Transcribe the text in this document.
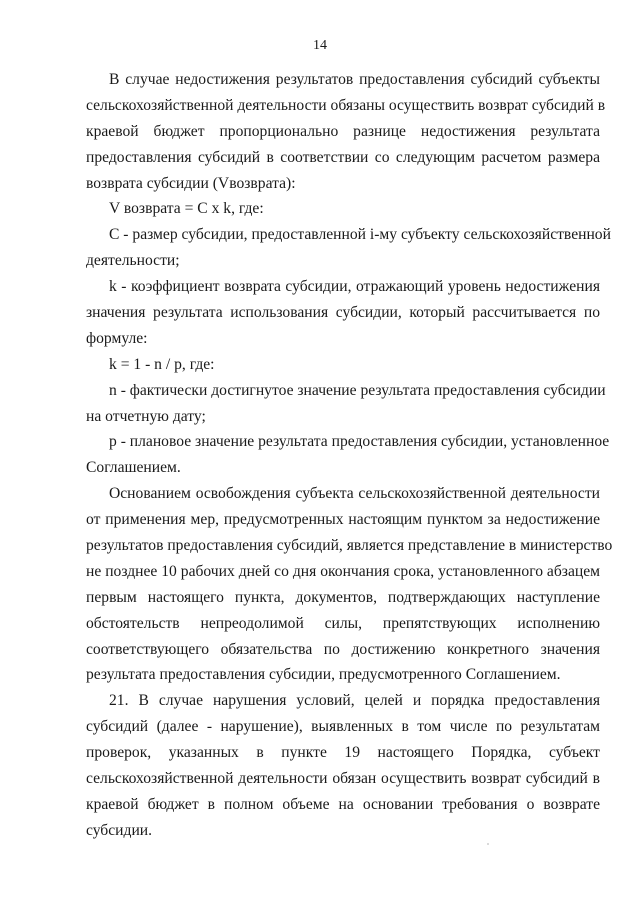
14
В случае недостижения результатов предоставления субсидий субъекты
сельскохозяйственной деятельности обязаны осуществить возврат субсидий в
краевой бюджет пропорционально разнице недостижения результата
предоставления субсидий в соответствии со следующим расчетом размера
возврата субсидии (Vвозврата):
V возврата = C x k, где:
C - размер субсидии, предоставленной i-му субъекту сельскохозяйственной
деятельности;
k - коэффициент возврата субсидии, отражающий уровень недостижения
значения результата использования субсидии, который рассчитывается по
формуле:
k = 1 - n / p, где:
n - фактически достигнутое значение результата предоставления субсидии
на отчетную дату;
p - плановое значение результата предоставления субсидии, установленное
Соглашением.
Основанием освобождения субъекта сельскохозяйственной деятельности
от применения мер, предусмотренных настоящим пунктом за недостижение
результатов предоставления субсидий, является представление в министерство
не позднее 10 рабочих дней со дня окончания срока, установленного абзацем
первым настоящего пункта, документов, подтверждающих наступление
обстоятельств непреодолимой силы, препятствующих исполнению
соответствующего обязательства по достижению конкретного значения
результата предоставления субсидии, предусмотренного Соглашением.
21. В случае нарушения условий, целей и порядка предоставления
субсидий (далее - нарушение), выявленных в том числе по результатам
проверок, указанных в пункте 19 настоящего Порядка, субъект
сельскохозяйственной деятельности обязан осуществить возврат субсидий в
краевой бюджет в полном объеме на основании требования о возврате
субсидии.
